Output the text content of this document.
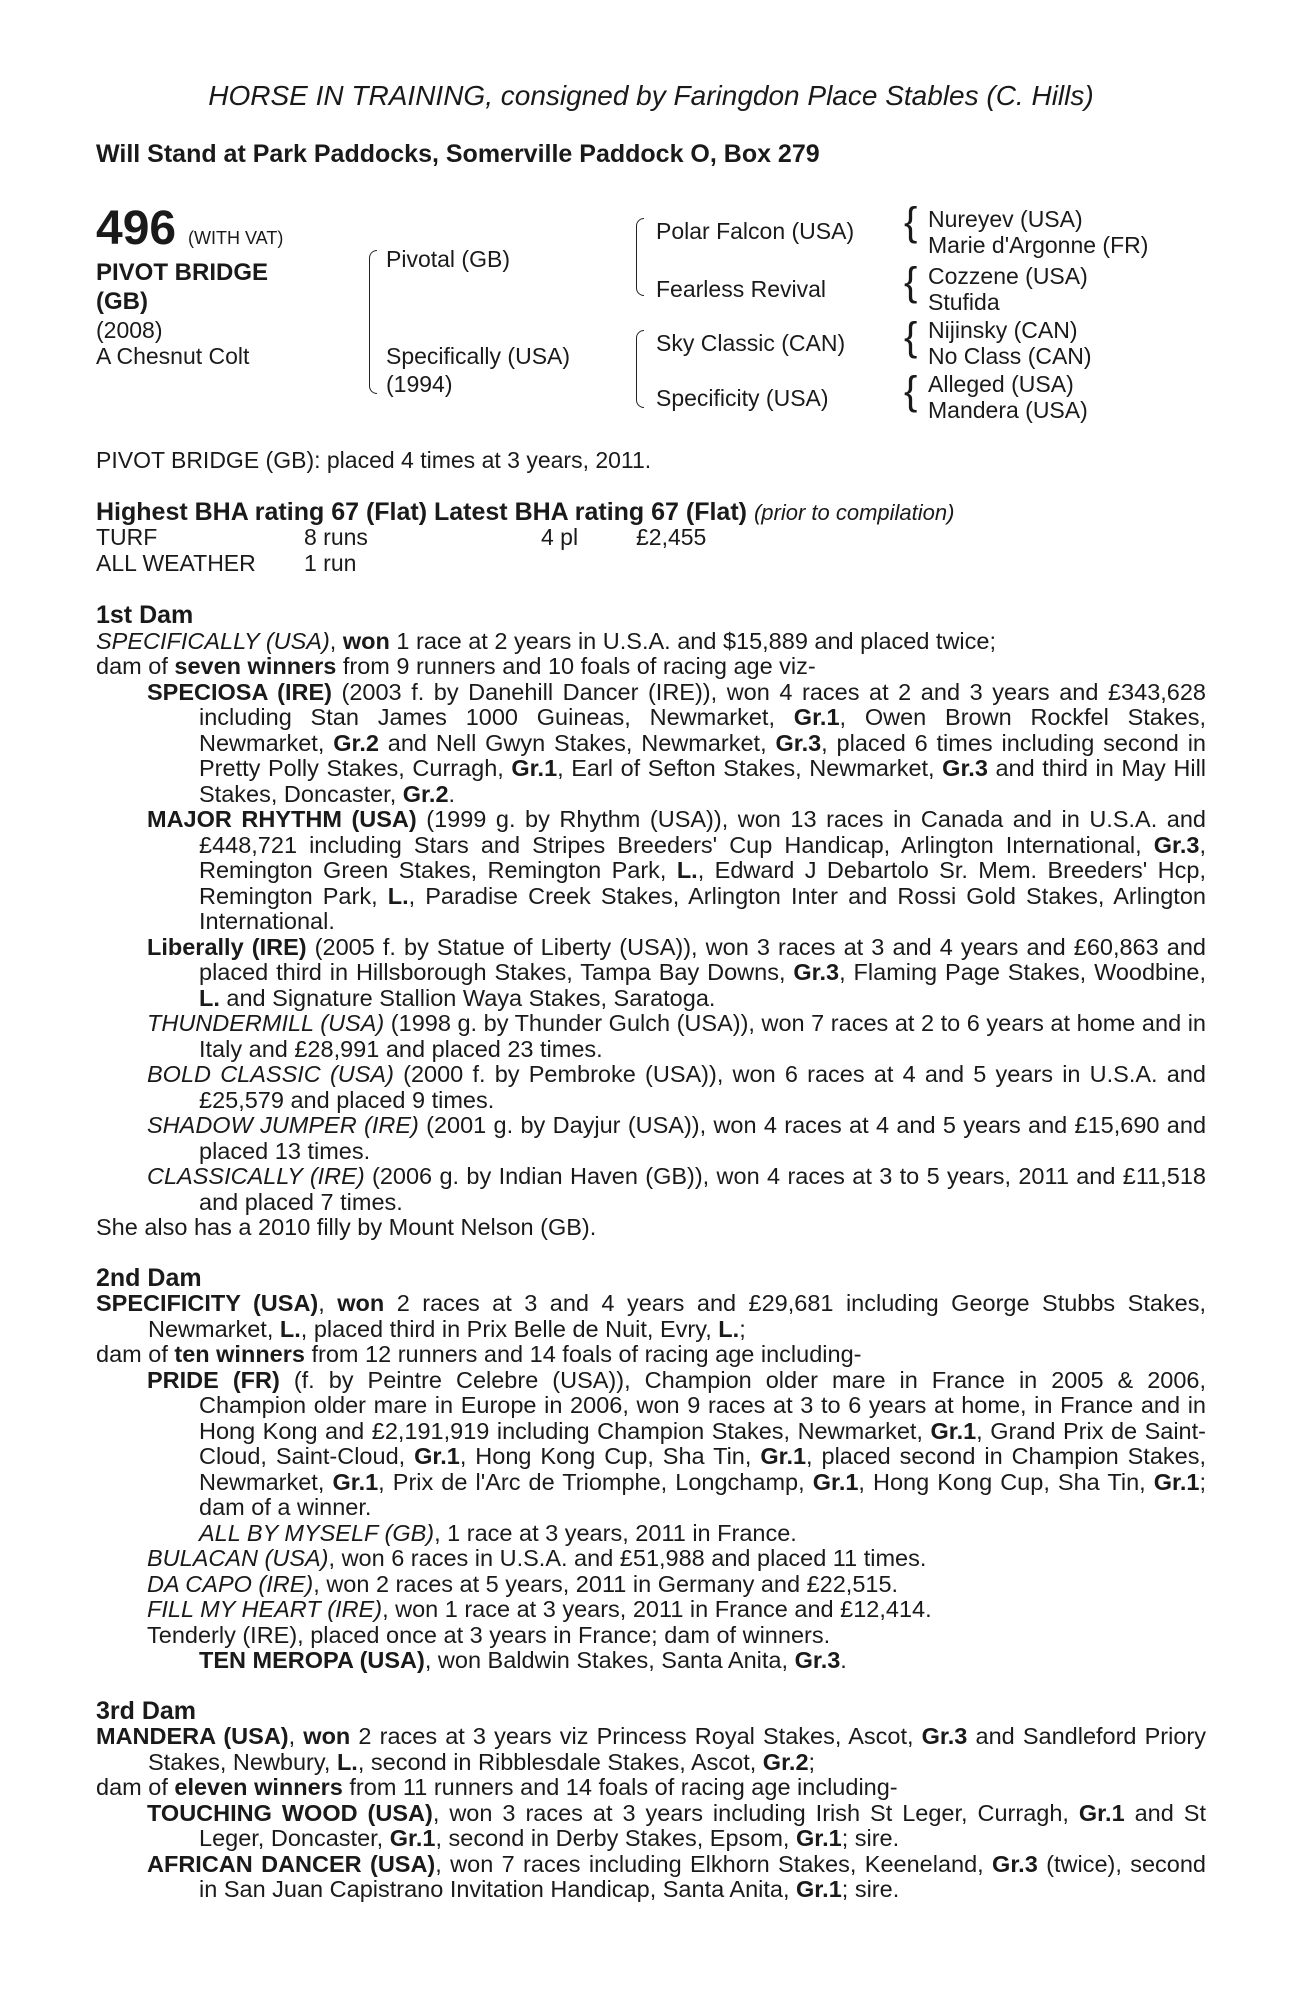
HORSE IN TRAINING, consigned by Faringdon Place Stables (C. Hills)
Will Stand at Park Paddocks, Somerville Paddock O, Box 279
496 (WITH VAT)
PIVOT BRIDGE (GB)
(2008)
A Chesnut Colt
Pivotal (GB)
Specifically (USA)
(1994)
Polar Falcon (USA)
Fearless Revival
Sky Classic (CAN)
Specificity (USA)
{ Nureyev (USA)
Marie d'Argonne (FR)
{ Cozzene (USA)
Stufida
{ Nijinsky (CAN)
No Class (CAN)
{ Alleged (USA)
Mandera (USA)
PIVOT BRIDGE (GB): placed 4 times at 3 years, 2011.
Highest BHA rating 67 (Flat) Latest BHA rating 67 (Flat) (prior to compilation)
TURF	8 runs	4 pl	£2,455
ALL WEATHER 1 run
1st Dam
SPECIFICALLY (USA), won 1 race at 2 years in U.S.A. and $15,889 and placed twice;
dam of seven winners from 9 runners and 10 foals of racing age viz-
SPECIOSA (IRE) (2003 f. by Danehill Dancer (IRE)), won 4 races at 2 and 3 years and £343,628 including Stan James 1000 Guineas, Newmarket, Gr.1, Owen Brown Rockfel Stakes, Newmarket, Gr.2 and Nell Gwyn Stakes, Newmarket, Gr.3, placed 6 times including second in Pretty Polly Stakes, Curragh, Gr.1, Earl of Sefton Stakes, Newmarket, Gr.3 and third in May Hill Stakes, Doncaster, Gr.2.
MAJOR RHYTHM (USA) (1999 g. by Rhythm (USA)), won 13 races in Canada and in U.S.A. and £448,721 including Stars and Stripes Breeders' Cup Handicap, Arlington International, Gr.3, Remington Green Stakes, Remington Park, L., Edward J Debartolo Sr. Mem. Breeders' Hcp, Remington Park, L., Paradise Creek Stakes, Arlington Inter and Rossi Gold Stakes, Arlington International.
Liberally (IRE) (2005 f. by Statue of Liberty (USA)), won 3 races at 3 and 4 years and £60,863 and placed third in Hillsborough Stakes, Tampa Bay Downs, Gr.3, Flaming Page Stakes, Woodbine, L. and Signature Stallion Waya Stakes, Saratoga.
THUNDERMILL (USA) (1998 g. by Thunder Gulch (USA)), won 7 races at 2 to 6 years at home and in Italy and £28,991 and placed 23 times.
BOLD CLASSIC (USA) (2000 f. by Pembroke (USA)), won 6 races at 4 and 5 years in U.S.A. and £25,579 and placed 9 times.
SHADOW JUMPER (IRE) (2001 g. by Dayjur (USA)), won 4 races at 4 and 5 years and £15,690 and placed 13 times.
CLASSICALLY (IRE) (2006 g. by Indian Haven (GB)), won 4 races at 3 to 5 years, 2011 and £11,518 and placed 7 times.
She also has a 2010 filly by Mount Nelson (GB).
2nd Dam
SPECIFICITY (USA), won 2 races at 3 and 4 years and £29,681 including George Stubbs Stakes, Newmarket, L., placed third in Prix Belle de Nuit, Evry, L.;
dam of ten winners from 12 runners and 14 foals of racing age including-
PRIDE (FR) (f. by Peintre Celebre (USA)), Champion older mare in France in 2005 & 2006, Champion older mare in Europe in 2006, won 9 races at 3 to 6 years at home, in France and in Hong Kong and £2,191,919 including Champion Stakes, Newmarket, Gr.1, Grand Prix de Saint-Cloud, Saint-Cloud, Gr.1, Hong Kong Cup, Sha Tin, Gr.1, placed second in Champion Stakes, Newmarket, Gr.1, Prix de l'Arc de Triomphe, Longchamp, Gr.1, Hong Kong Cup, Sha Tin, Gr.1; dam of a winner.
ALL BY MYSELF (GB), 1 race at 3 years, 2011 in France.
BULACAN (USA), won 6 races in U.S.A. and £51,988 and placed 11 times.
DA CAPO (IRE), won 2 races at 5 years, 2011 in Germany and £22,515.
FILL MY HEART (IRE), won 1 race at 3 years, 2011 in France and £12,414.
Tenderly (IRE), placed once at 3 years in France; dam of winners.
TEN MEROPA (USA), won Baldwin Stakes, Santa Anita, Gr.3.
3rd Dam
MANDERA (USA), won 2 races at 3 years viz Princess Royal Stakes, Ascot, Gr.3 and Sandleford Priory Stakes, Newbury, L., second in Ribblesdale Stakes, Ascot, Gr.2;
dam of eleven winners from 11 runners and 14 foals of racing age including-
TOUCHING WOOD (USA), won 3 races at 3 years including Irish St Leger, Curragh, Gr.1 and St Leger, Doncaster, Gr.1, second in Derby Stakes, Epsom, Gr.1; sire.
AFRICAN DANCER (USA), won 7 races including Elkhorn Stakes, Keeneland, Gr.3 (twice), second in San Juan Capistrano Invitation Handicap, Santa Anita, Gr.1; sire.
